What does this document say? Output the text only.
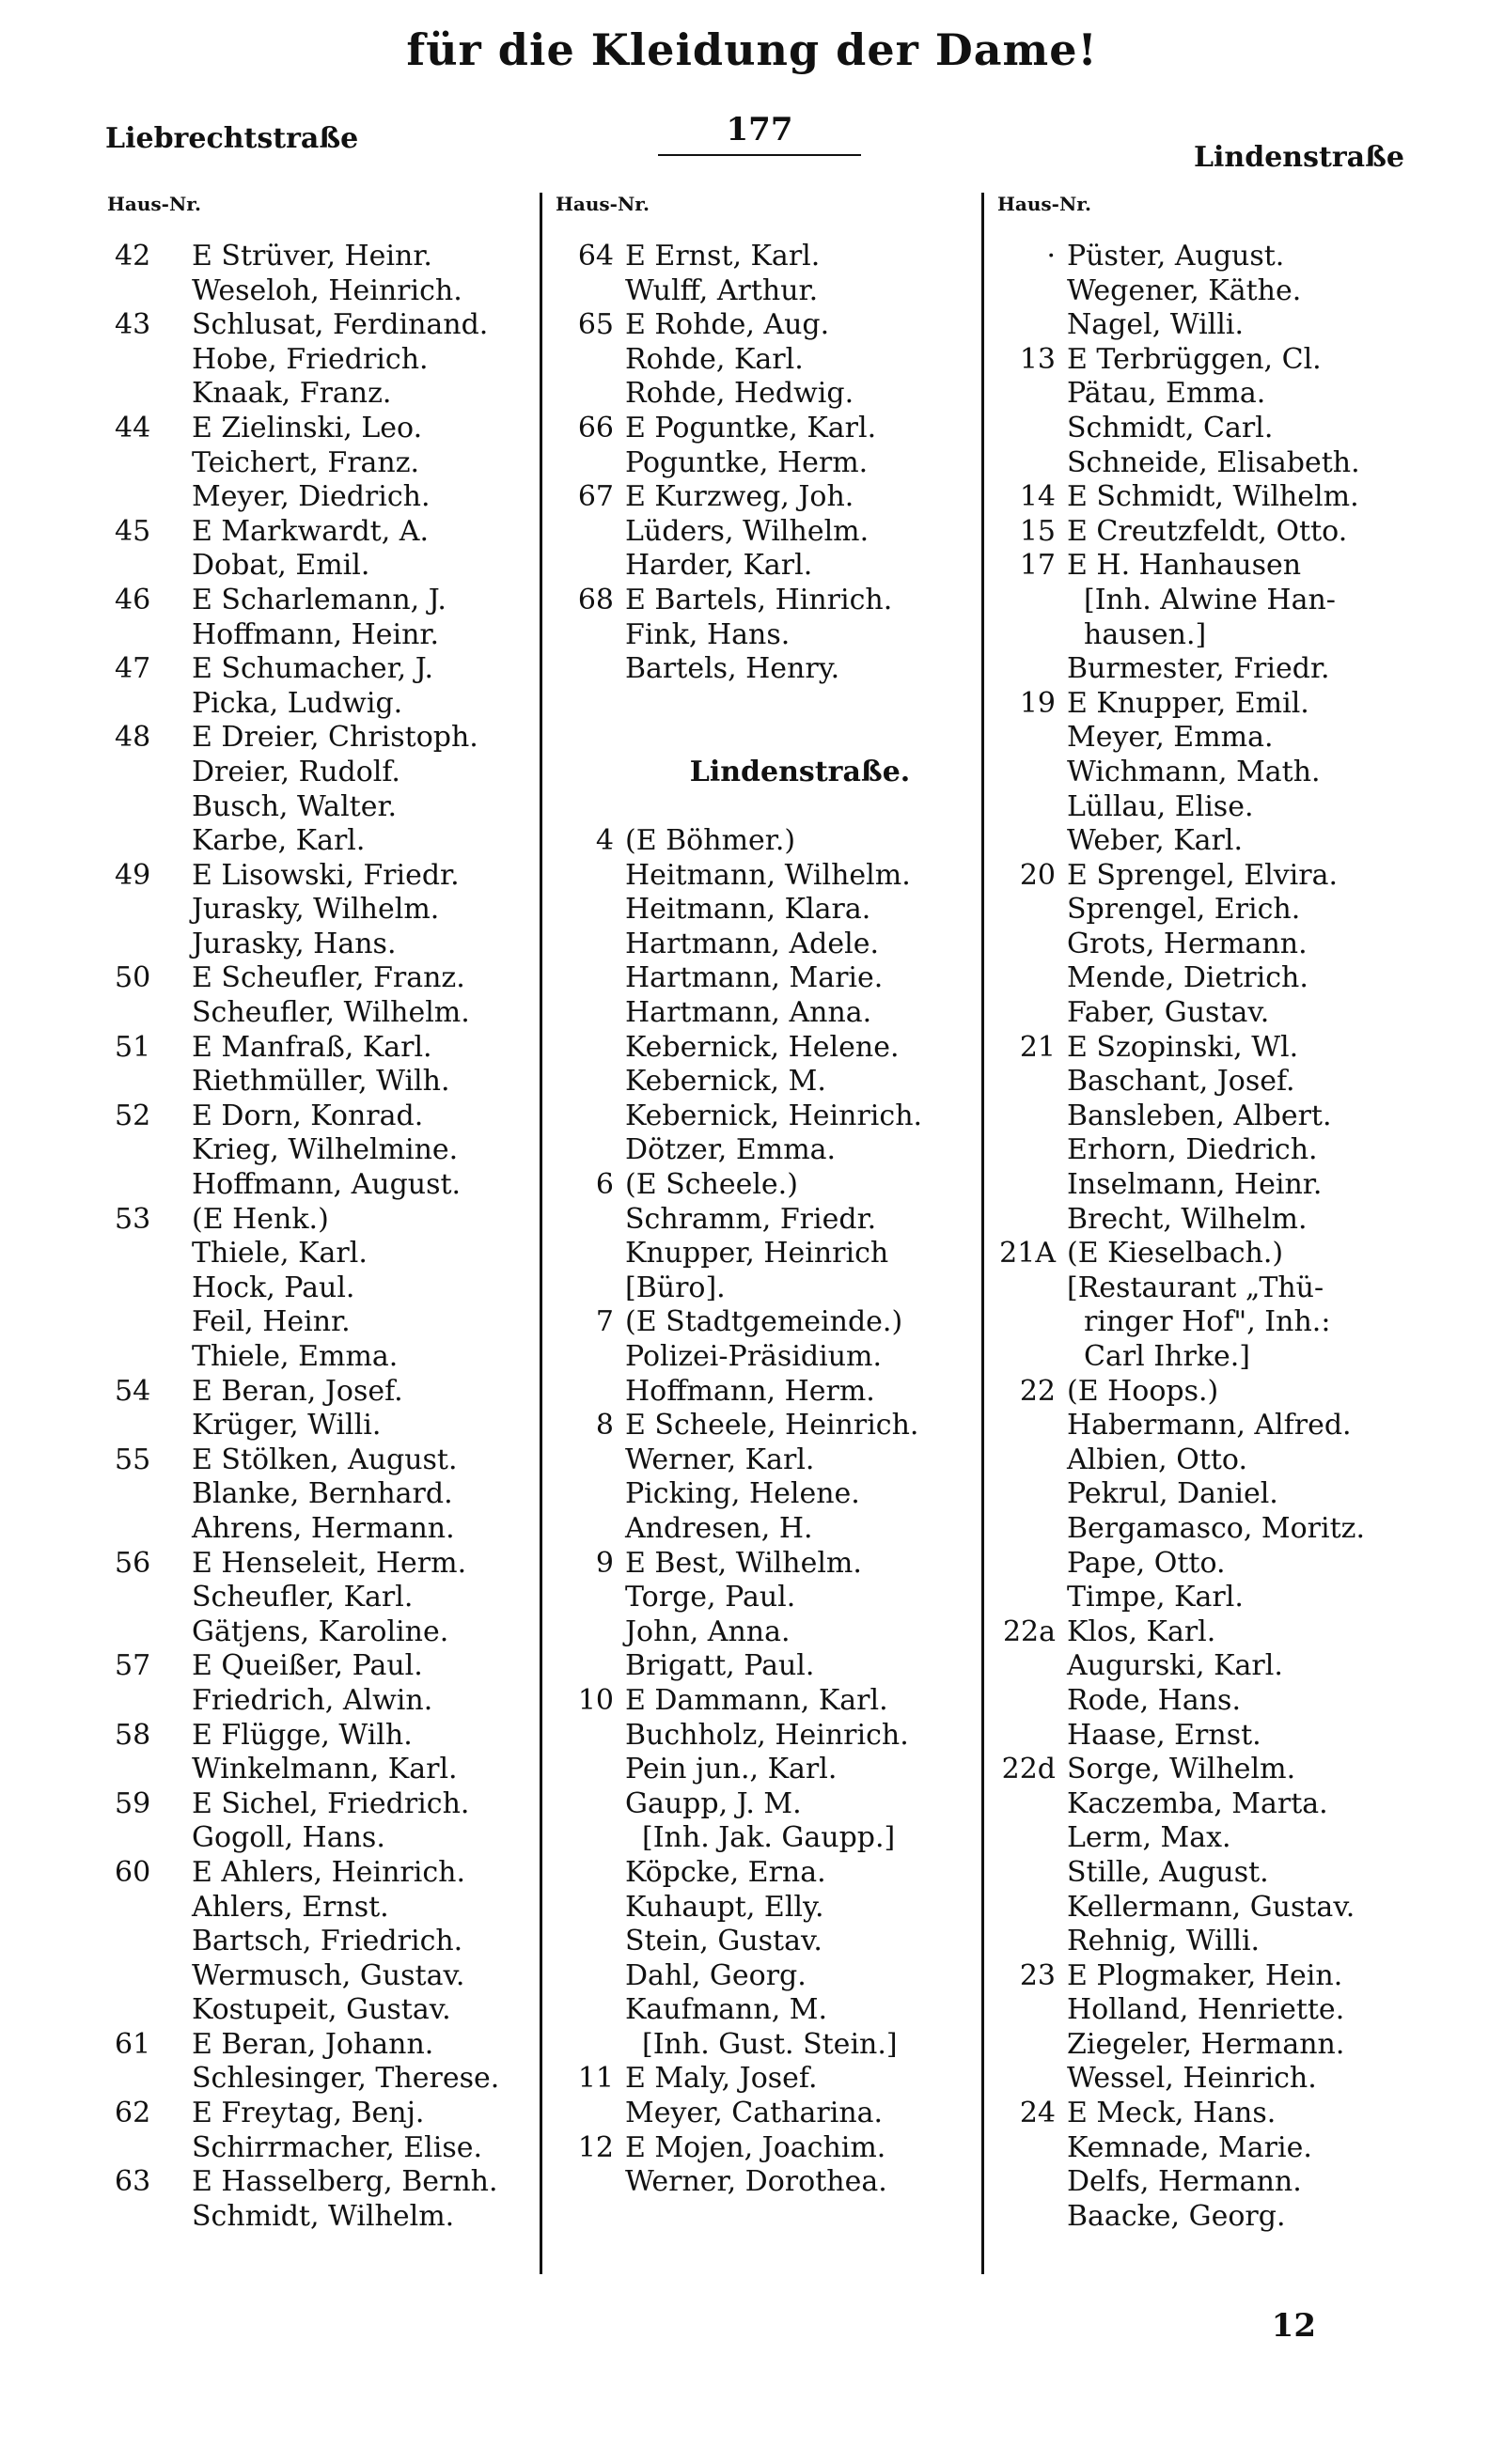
für die Kleidung der Dame!
Liebrechtstraße	177
Lindenstraße
Haus-Nr.
42	E Strüver, Heinr.
Weseloh, Heinrich.
43	Schlusat, Ferdinand.
Hobe, Friedrich.
Knaak, Franz.
44	E Zielinski, Leo.
Teichert, Franz.
Meyer, Diedrich.
45	E Markwardt, A.
Dobat, Emil.
46	E Scharlemann, J.
Hoffmann, Heinr.
47	E Schumacher, J.
Picka, Ludwig.
48	E Dreier, Christoph.
Dreier, Rudolf.
Busch, Walter.
Karbe, Karl.
49	E Lisowski, Friedr.
Jurasky, Wilhelm.
Jurasky, Hans.
50	E Scheufler, Franz.
Scheufler, Wilhelm.
51	E Manfraß, Karl.
Riethmüller, Wilh.
52	E Dorn, Konrad.
Krieg, Wilhelmine.
Hoffmann, August.
53	(E Henk.)
Thiele, Karl.
Hock, Paul.
Feil, Heinr.
Thiele, Emma.
54	E Beran, Josef.
Krüger, Willi.
55	E Stölken, August.
Blanke, Bernhard.
Ahrens, Hermann.
56	E Henseleit, Herm.
Scheufler, Karl.
Gätjens, Karoline.
57	E Queißer, Paul.
Friedrich, Alwin.
58	E Flügge, Wilh.
Winkelmann, Karl.
59	E Sichel, Friedrich.
Gogoll, Hans.
60	E Ahlers, Heinrich.
Ahlers, Ernst.
Bartsch, Friedrich.
Wermusch, Gustav.
Kostupeit, Gustav.
61	E Beran, Johann.
Schlesinger, Therese.
62	E Freytag, Benj.
Schirrmacher, Elise.
63	E Hasselberg, Bernh.
Schmidt, Wilhelm.
Haus-Nr.
64 E Ernst, Karl.
Wulff, Arthur.
65 E Rohde, Aug.
Rohde, Karl.
Rohde, Hedwig.
66 E Poguntke, Karl.
Poguntke, Herm.
67 E Kurzweg, Joh.
Lüders, Wilhelm.
Harder, Karl.
68 E Bartels, Hinrich.
Fink, Hans.
Bartels, Henry.
Lindenstraße.
4 (E Böhmer.)
Heitmann, Wilhelm.
Heitmann, Klara.
Hartmann, Adele.
Hartmann, Marie.
Hartmann, Anna.
Kebernick, Helene.
Kebernick, M.
Kebernick, Heinrich.
Dötzer, Emma.
6 (E Scheele.)
Schramm, Friedr.
Knupper, Heinrich
[Büro].
7 (E Stadtgemeinde.)
Polizei-Präsidium.
Hoffmann, Herm.
8 E Scheele, Heinrich.
Werner, Karl.
Picking, Helene.
Andresen, H.
9 E Best, Wilhelm.
Torge, Paul.
John, Anna.
Brigatt, Paul.
10 E Dammann, Karl.
Buchholz, Heinrich.
Pein jun., Karl.
Gaupp, J. M.
[Inh. Jak. Gaupp.]
Köpcke, Erna.
Kuhaupt, Elly.
Stein, Gustav.
Dahl, Georg.
Kaufmann, M.
[Inh. Gust. Stein.]
11 E Maly, Josef.
Meyer, Catharina.
12 E Mojen, Joachim.
Werner, Dorothea.
Haus-Nr.
· Püster, August.
Wegener, Käthe.
Nagel, Willi.
13 E Terbrüggen, Cl.
Pätau, Emma.
Schmidt, Carl.
Schneide, Elisabeth.
14 E Schmidt, Wilhelm.
15 E Creutzfeldt, Otto.
17 E H. Hanhausen
[Inh. Alwine Han-
hausen.]
Burmester, Friedr.
19 E Knupper, Emil.
Meyer, Emma.
Wichmann, Math.
Lüllau, Elise.
Weber, Karl.
20 E Sprengel, Elvira.
Sprengel, Erich.
Grots, Hermann.
Mende, Dietrich.
Faber, Gustav.
21 E Szopinski, Wl.
Baschant, Josef.
Bansleben, Albert.
Erhorn, Diedrich.
Inselmann, Heinr.
Brecht, Wilhelm.
21A (E Kieselbach.)
[Restaurant „Thü-
ringer Hof", Inh.:
Carl Ihrke.]
22 (E Hoops.)
Habermann, Alfred.
Albien, Otto.
Pekrul, Daniel.
Bergamasco, Moritz.
Pape, Otto.
Timpe, Karl.
22a Klos, Karl.
Augurski, Karl.
Rode, Hans.
Haase, Ernst.
22d Sorge, Wilhelm.
Kaczemba, Marta.
Lerm, Max.
Stille, August.
Kellermann, Gustav.
Rehnig, Willi.
23 E Plogmaker, Hein.
Holland, Henriette.
Ziegeler, Hermann.
Wessel, Heinrich.
24 E Meck, Hans.
Kemnade, Marie.
Delfs, Hermann.
Baacke, Georg.
12
